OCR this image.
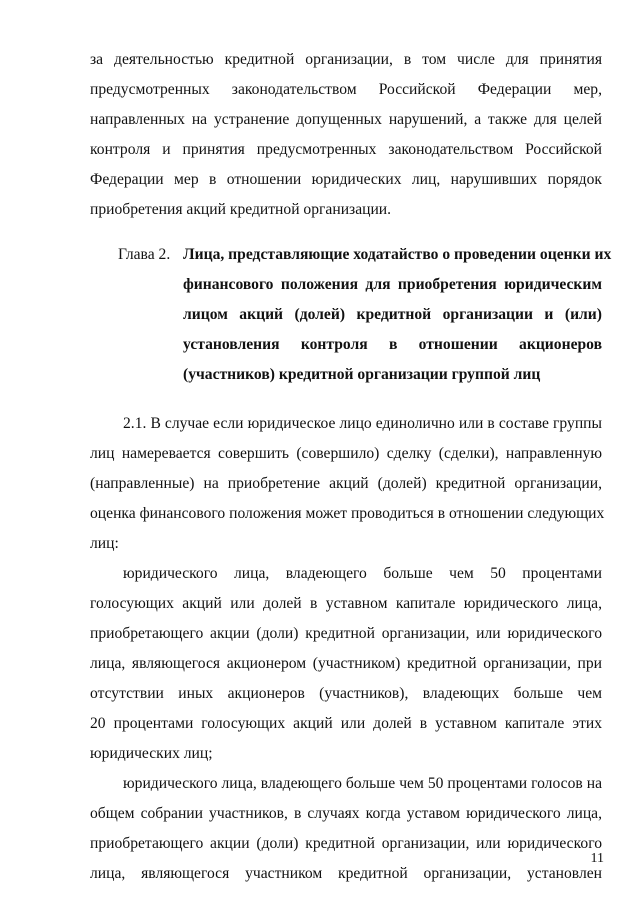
за деятельностью кредитной организации, в том числе для принятия
предусмотренных законодательством Российской Федерации мер,
направленных на устранение допущенных нарушений, а также для целей
контроля и принятия предусмотренных законодательством Российской
Федерации мер в отношении юридических лиц, нарушивших порядок
приобретения акций кредитной организации.
Глава 2. Лица, представляющие ходатайство о проведении оценки их
финансового положения для приобретения юридическим
лицом акций (долей) кредитной организации и (или)
установления контроля в отношении акционеров
(участников) кредитной организации группой лиц
2.1. В случае если юридическое лицо единолично или в составе группы
лиц намеревается совершить (совершило) сделку (сделки), направленную
(направленные) на приобретение акций (долей) кредитной организации,
оценка финансового положения может проводиться в отношении следующих
лиц:
юридического лица, владеющего больше чем 50 процентами
голосующих акций или долей в уставном капитале юридического лица,
приобретающего акции (доли) кредитной организации, или юридического
лица, являющегося акционером (участником) кредитной организации, при
отсутствии иных акционеров (участников), владеющих больше чем
20 процентами голосующих акций или долей в уставном капитале этих
юридических лиц;
юридического лица, владеющего больше чем 50 процентами голосов на
общем собрании участников, в случаях когда уставом юридического лица,
приобретающего акции (доли) кредитной организации, или юридического
лица, являющегося участником кредитной организации, установлен
11
